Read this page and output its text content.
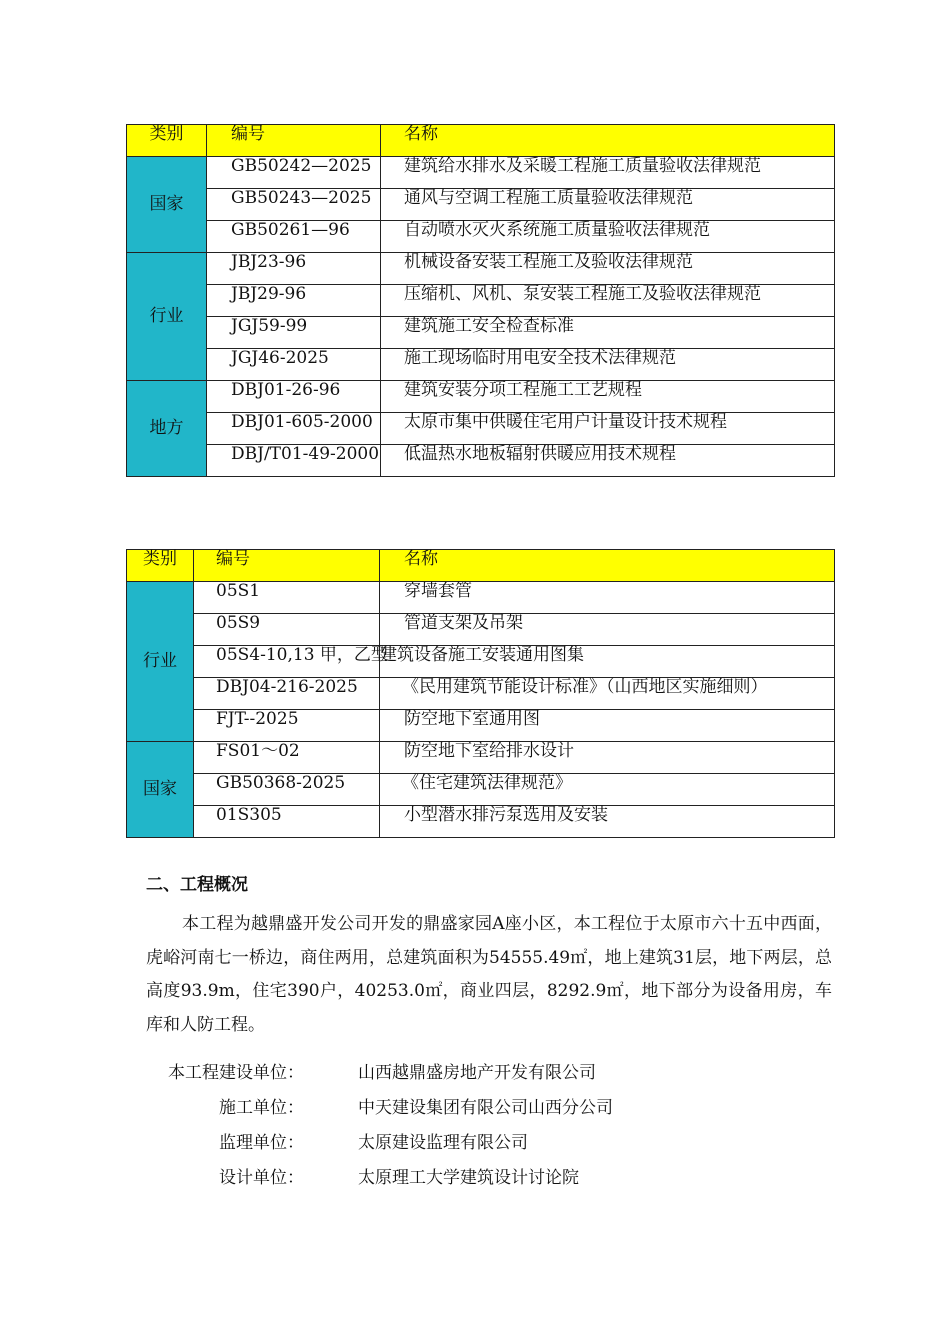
类别	编号	名称
国家	GB50242—2025	建筑给水排水及采暖工程施工质量验收法律规范
	GB50243—2025	通风与空调工程施工质量验收法律规范
	GB50261—96	自动喷水灭火系统施工质量验收法律规范
行业	JBJ23-96	机械设备安装工程施工及验收法律规范
	JBJ29-96	压缩机、风机、泵安装工程施工及验收法律规范
	JGJ59-99	建筑施工安全检查标准
	JGJ46-2025	施工现场临时用电安全技术法律规范
地方	DBJ01-26-96	建筑安装分项工程施工工艺规程
	DBJ01-605-2000	太原市集中供暖住宅用户计量设计技术规程
	DBJ/T01-49-2000	低温热水地板辐射供暖应用技术规程
类别	编号	名称
行业	05S1	穿墙套管
	05S9	管道支架及吊架
	05S4-10,13 甲，乙型	建筑设备施工安装通用图集
	DBJ04-216-2025	《民用建筑节能设计标准》（山西地区实施细则）
	FJT--2025	防空地下室通用图
国家	FS01～02	防空地下室给排水设计
	GB50368-2025	《住宅建筑法律规范》
	01S305	小型潜水排污泵选用及安装
二、工程概况

本工程为越鼎盛开发公司开发的鼎盛家园A座小区，本工程位于太原市六十五中西面，虎峪河南七一桥边，商住两用，总建筑面积为54555.49㎡，地上建筑31层，地下两层，总高度93.9m，住宅390户，40253.0㎡，商业四层，8292.9㎡，地下部分为设备用房，车库和人防工程。

本工程建设单位：	山西越鼎盛房地产开发有限公司
施工单位：	中天建设集团有限公司山西分公司
监理单位：	太原建设监理有限公司
设计单位：	太原理工大学建筑设计讨论院
